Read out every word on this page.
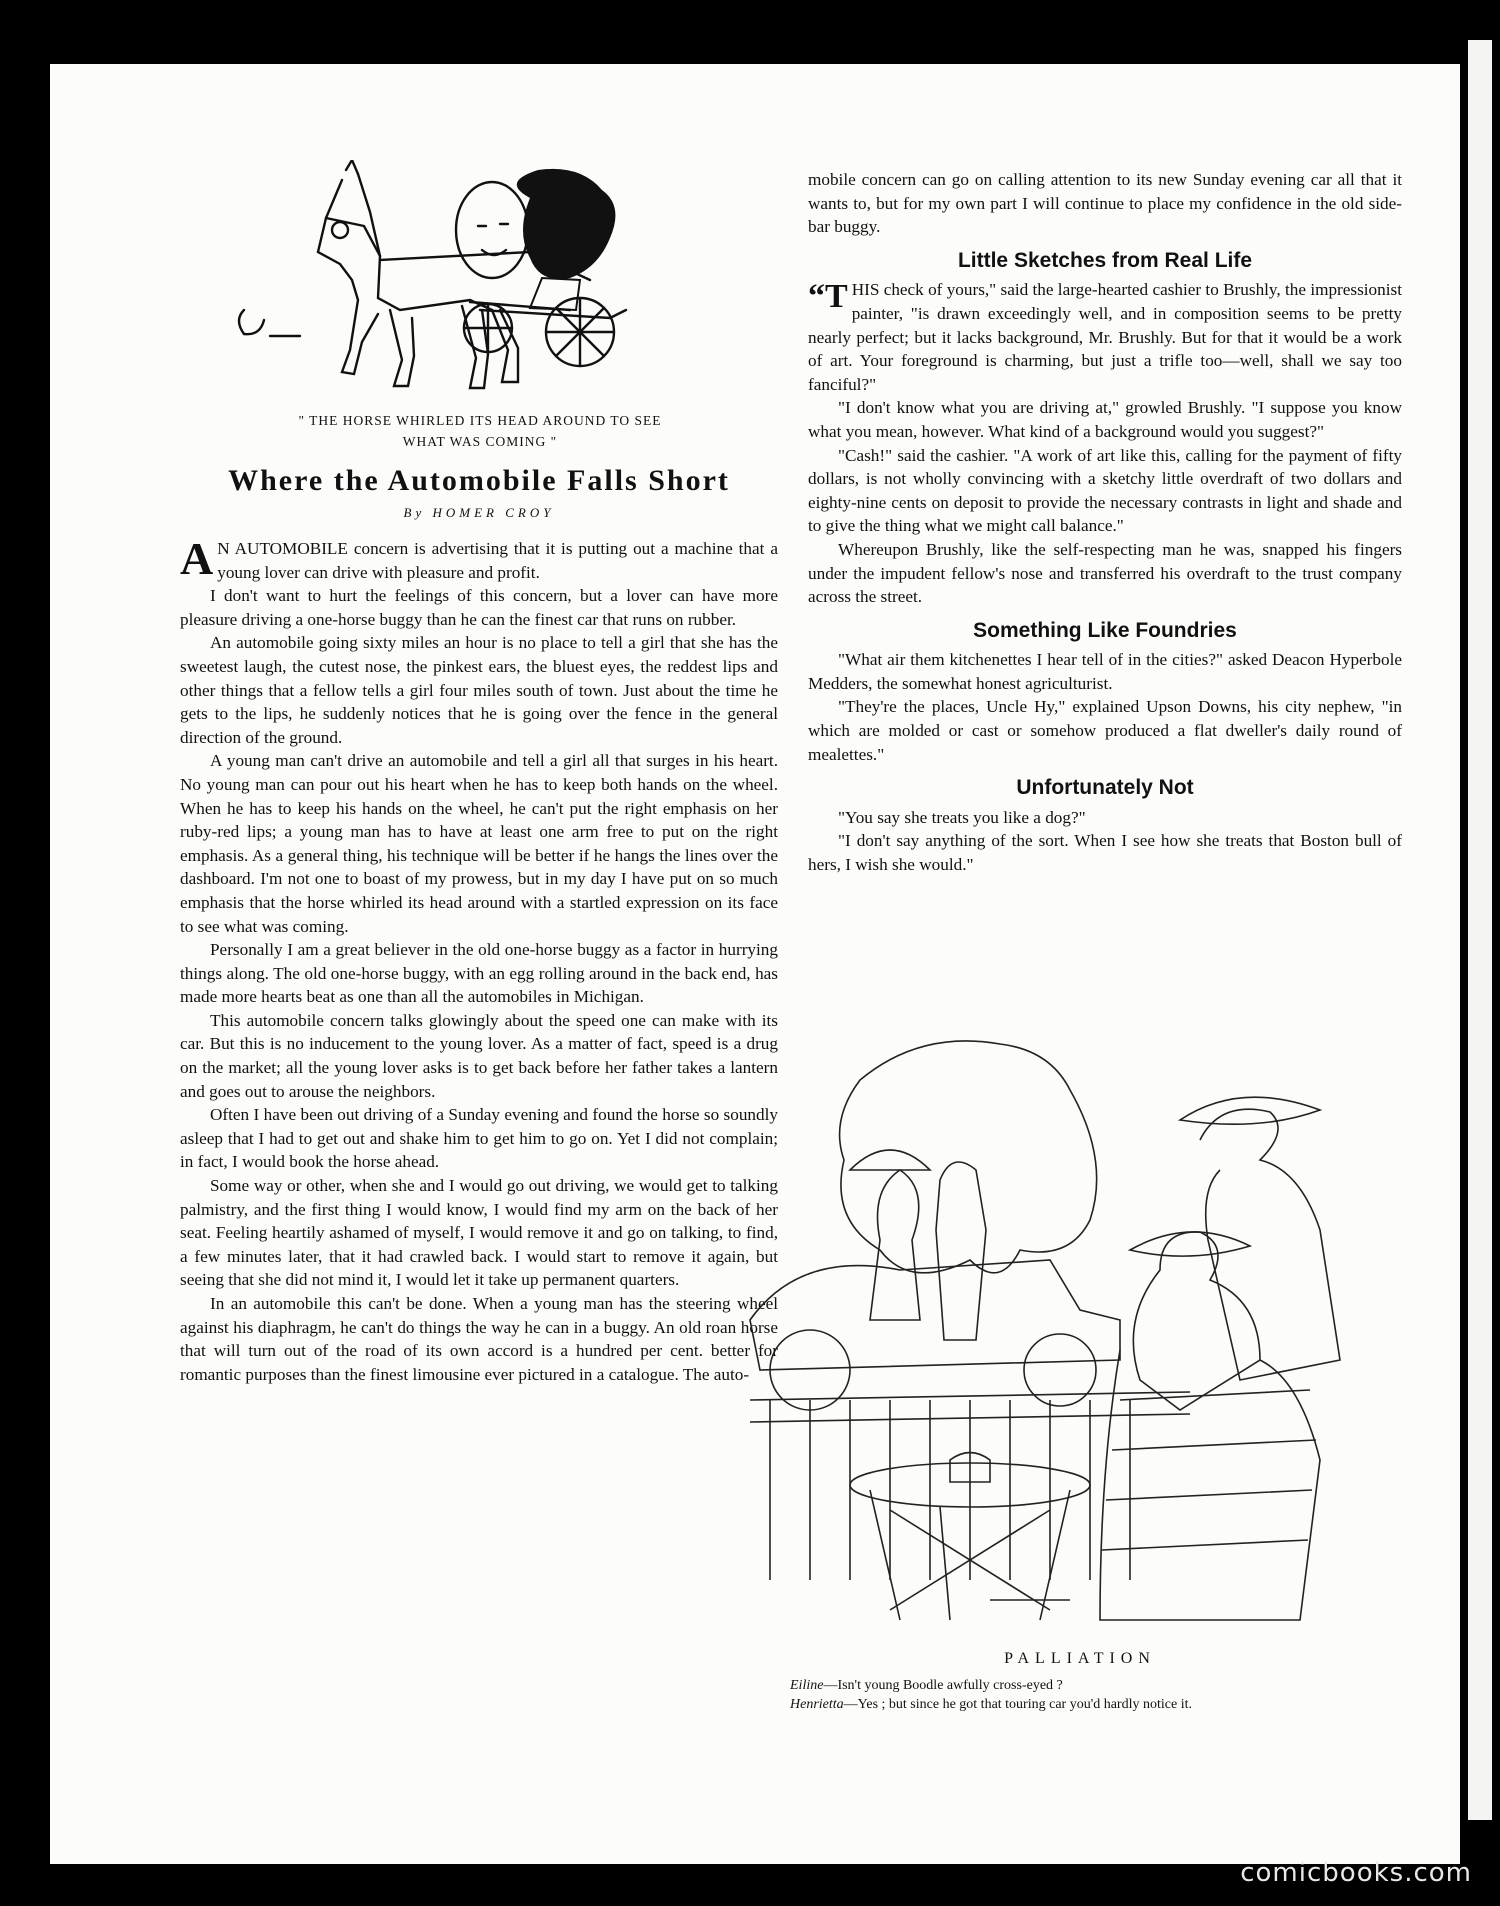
" THE HORSE WHIRLED ITS HEAD AROUND TO SEE
WHAT WAS COMING "
Where the Automobile Falls Short
By HOMER CROY

A N AUTOMOBILE concern is advertising that it is putting out a machine that a young lover can drive with pleasure and profit.

I don't want to hurt the feelings of this concern, but a lover can have more pleasure driving a one-horse buggy than he can the finest car that runs on rubber.

An automobile going sixty miles an hour is no place to tell a girl that she has the sweetest laugh, the cutest nose, the pinkest ears, the bluest eyes, the reddest lips and other things that a fellow tells a girl four miles south of town. Just about the time he gets to the lips, he suddenly notices that he is going over the fence in the general direction of the ground.

A young man can't drive an automobile and tell a girl all that surges in his heart. No young man can pour out his heart when he has to keep both hands on the wheel. When he has to keep his hands on the wheel, he can't put the right emphasis on her ruby-red lips; a young man has to have at least one arm free to put on the right emphasis. As a general thing, his technique will be better if he hangs the lines over the dashboard. I'm not one to boast of my prowess, but in my day I have put on so much emphasis that the horse whirled its head around with a startled expression on its face to see what was coming.

Personally I am a great believer in the old one-horse buggy as a factor in hurrying things along. The old one-horse buggy, with an egg rolling around in the back end, has made more hearts beat as one than all the automobiles in Michigan.

This automobile concern talks glowingly about the speed one can make with its car. But this is no inducement to the young lover. As a matter of fact, speed is a drug on the market; all the young lover asks is to get back before her father takes a lantern and goes out to arouse the neighbors.

Often I have been out driving of a Sunday evening and found the horse so soundly asleep that I had to get out and shake him to get him to go on. Yet I did not complain; in fact, I would book the horse ahead.

Some way or other, when she and I would go out driving, we would get to talking palmistry, and the first thing I would know, I would find my arm on the back of her seat. Feeling heartily ashamed of myself, I would remove it and go on talking, to find, a few minutes later, that it had crawled back. I would start to remove it again, but seeing that she did not mind it, I would let it take up permanent quarters.

In an automobile this can't be done. When a young man has the steering wheel against his diaphragm, he can't do things the way he can in a buggy. An old roan horse that will turn out of the road of its own accord is a hundred per cent. better for romantic purposes than the finest limousine ever pictured in a catalogue. The auto-

mobile concern can go on calling attention to its new Sunday evening car all that it wants to, but for my own part I will continue to place my confidence in the old side-bar buggy.

Little Sketches from Real Life

“THIS check of yours," said the large-hearted cashier to Brushly, the impressionist painter, "is drawn exceedingly well, and in composition seems to be pretty nearly perfect; but it lacks background, Mr. Brushly. But for that it would be a work of art. Your foreground is charming, but just a trifle too—well, shall we say too fanciful?"

"I don't know what you are driving at," growled Brushly. "I suppose you know what you mean, however. What kind of a background would you suggest?"

"Cash!" said the cashier. "A work of art like this, calling for the payment of fifty dollars, is not wholly convincing with a sketchy little overdraft of two dollars and eighty-nine cents on deposit to provide the necessary contrasts in light and shade and to give the thing what we might call balance."

Whereupon Brushly, like the self-respecting man he was, snapped his fingers under the impudent fellow's nose and transferred his overdraft to the trust company across the street.

Something Like Foundries

"What air them kitchenettes I hear tell of in the cities?" asked Deacon Hyperbole Medders, the somewhat honest agriculturist.

"They're the places, Uncle Hy," explained Upson Downs, his city nephew, "in which are molded or cast or somehow produced a flat dweller's daily round of mealettes."

Unfortunately Not

"You say she treats you like a dog?"

"I don't say anything of the sort. When I see how she treats that Boston bull of hers, I wish she would."

PALLIATION
Eiline—Isn't young Boodle awfully cross-eyed ?
Henrietta—Yes ; but since he got that touring car you'd hardly notice it.
comicbooks.com
